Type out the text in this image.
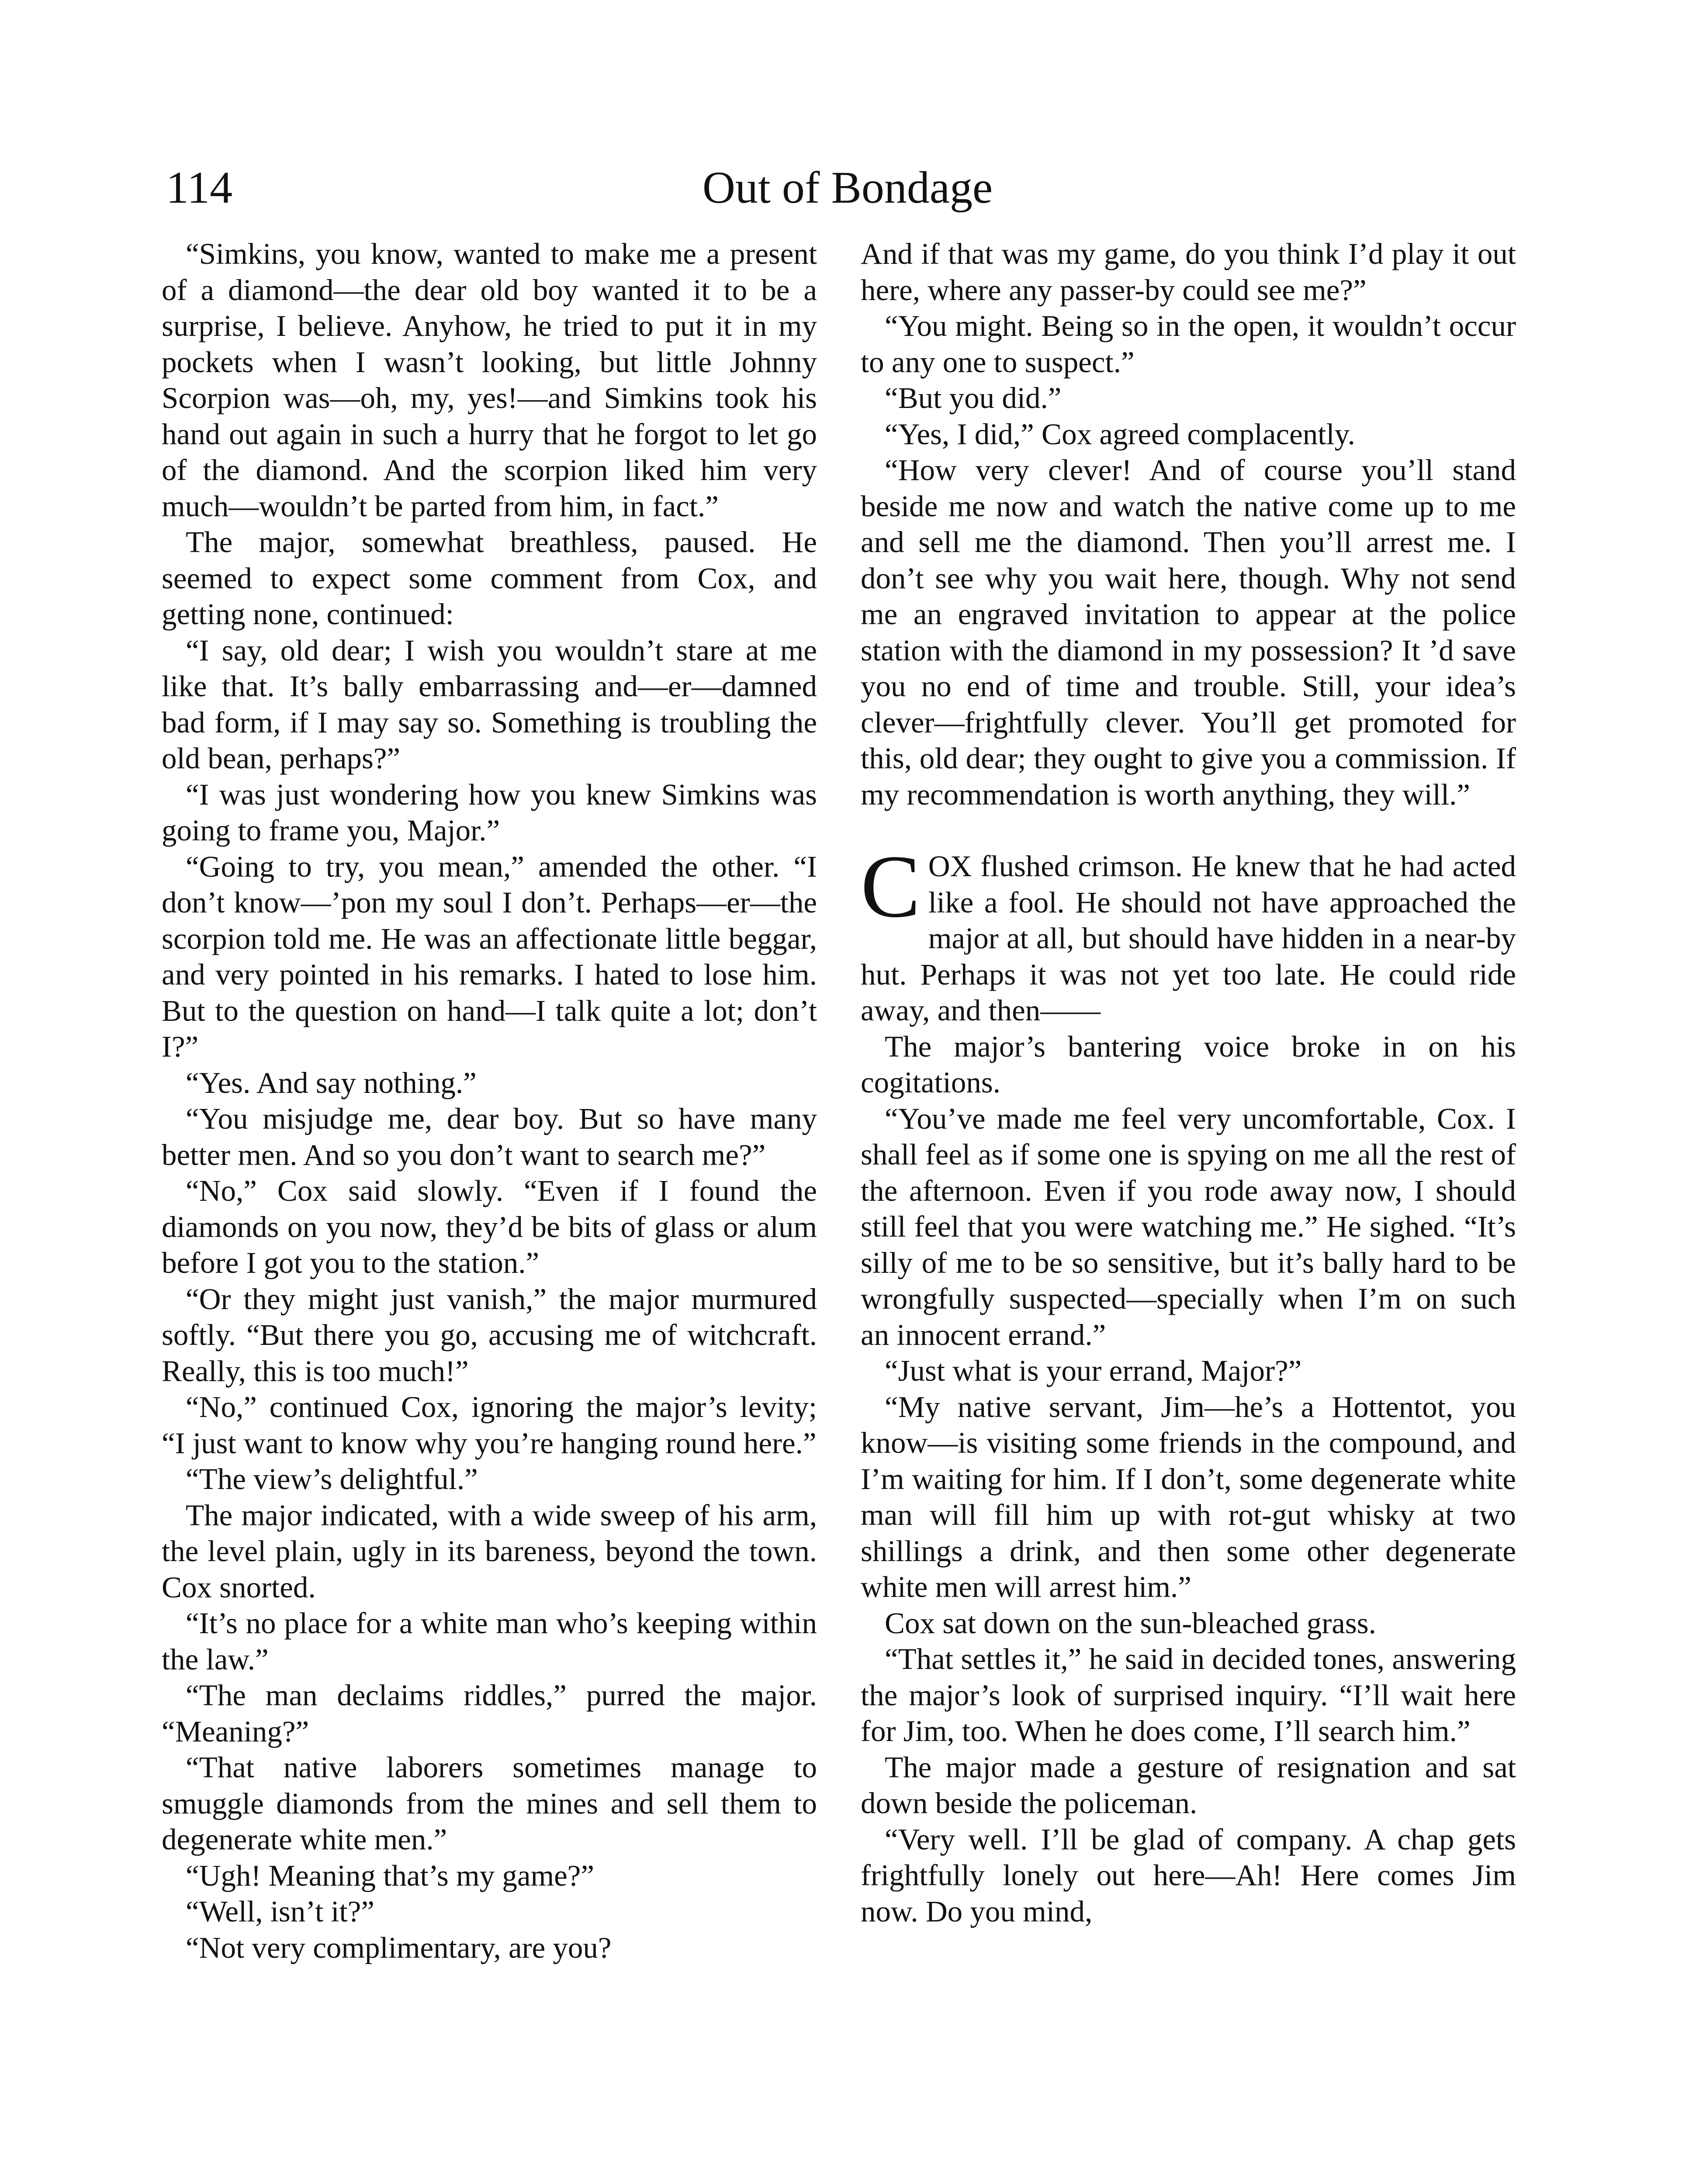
114	Out of Bondage

“Simkins, you know, wanted to make me a present of a diamond—the dear old boy wanted it to be a surprise, I believe. Anyhow, he tried to put it in my pockets when I wasn’t looking, but little Johnny Scorpion was—oh, my, yes!—and Simkins took his hand out again in such a hurry that he forgot to let go of the diamond. And the scorpion liked him very much—wouldn’t be parted from him, in fact.”

The major, somewhat breathless, paused. He seemed to expect some comment from Cox, and getting none, continued:

“I say, old dear; I wish you wouldn’t stare at me like that. It’s bally embarrassing and—er—damned bad form, if I may say so. Something is troubling the old bean, perhaps?”

“I was just wondering how you knew Simkins was going to frame you, Major.”

“Going to try, you mean,” amended the other. “I don’t know—’pon my soul I don’t. Perhaps—er—the scorpion told me. He was an affectionate little beggar, and very pointed in his remarks. I hated to lose him. But to the question on hand—I talk quite a lot; don’t I?”

“Yes. And say nothing.”

“You misjudge me, dear boy. But so have many better men. And so you don’t want to search me?”

“No,” Cox said slowly. “Even if I found the diamonds on you now, they’d be bits of glass or alum before I got you to the station.”

“Or they might just vanish,” the major murmured softly. “But there you go, accusing me of witchcraft. Really, this is too much!”

“No,” continued Cox, ignoring the major’s levity; “I just want to know why you’re hanging round here.”

“The view’s delightful.”

The major indicated, with a wide sweep of his arm, the level plain, ugly in its bareness, beyond the town. Cox snorted.

“It’s no place for a white man who’s keeping within the law.”

“The man declaims riddles,” purred the major. “Meaning?”

“That native laborers sometimes manage to smuggle diamonds from the mines and sell them to degenerate white men.”

“Ugh! Meaning that’s my game?”

“Well, isn’t it?”

“Not very complimentary, are you?

And if that was my game, do you think I’d play it out here, where any passer-by could see me?”

“You might. Being so in the open, it wouldn’t occur to any one to suspect.”

“But you did.”

“Yes, I did,” Cox agreed complacently.

“How very clever! And of course you’ll stand beside me now and watch the native come up to me and sell me the diamond. Then you’ll arrest me. I don’t see why you wait here, though. Why not send me an engraved invitation to appear at the police station with the diamond in my possession? It ’d save you no end of time and trouble. Still, your idea’s clever—frightfully clever. You’ll get promoted for this, old dear; they ought to give you a commission. If my recommendation is worth anything, they will.”

COX flushed crimson. He knew that he had acted like a fool. He should not have approached the major at all, but should have hidden in a near-by hut. Perhaps it was not yet too late. He could ride away, and then——

The major’s bantering voice broke in on his cogitations.

“You’ve made me feel very uncomfortable, Cox. I shall feel as if some one is spying on me all the rest of the afternoon. Even if you rode away now, I should still feel that you were watching me.” He sighed. “It’s silly of me to be so sensitive, but it’s bally hard to be wrongfully suspected—specially when I’m on such an innocent errand.”

“Just what is your errand, Major?”

“My native servant, Jim—he’s a Hottentot, you know—is visiting some friends in the compound, and I’m waiting for him. If I don’t, some degenerate white man will fill him up with rot-gut whisky at two shillings a drink, and then some other degenerate white men will arrest him.”

Cox sat down on the sun-bleached grass.

“That settles it,” he said in decided tones, answering the major’s look of surprised inquiry. “I’ll wait here for Jim, too. When he does come, I’ll search him.”

The major made a gesture of resignation and sat down beside the policeman.

“Very well. I’ll be glad of company. A chap gets frightfully lonely out here—Ah! Here comes Jim now. Do you mind,
